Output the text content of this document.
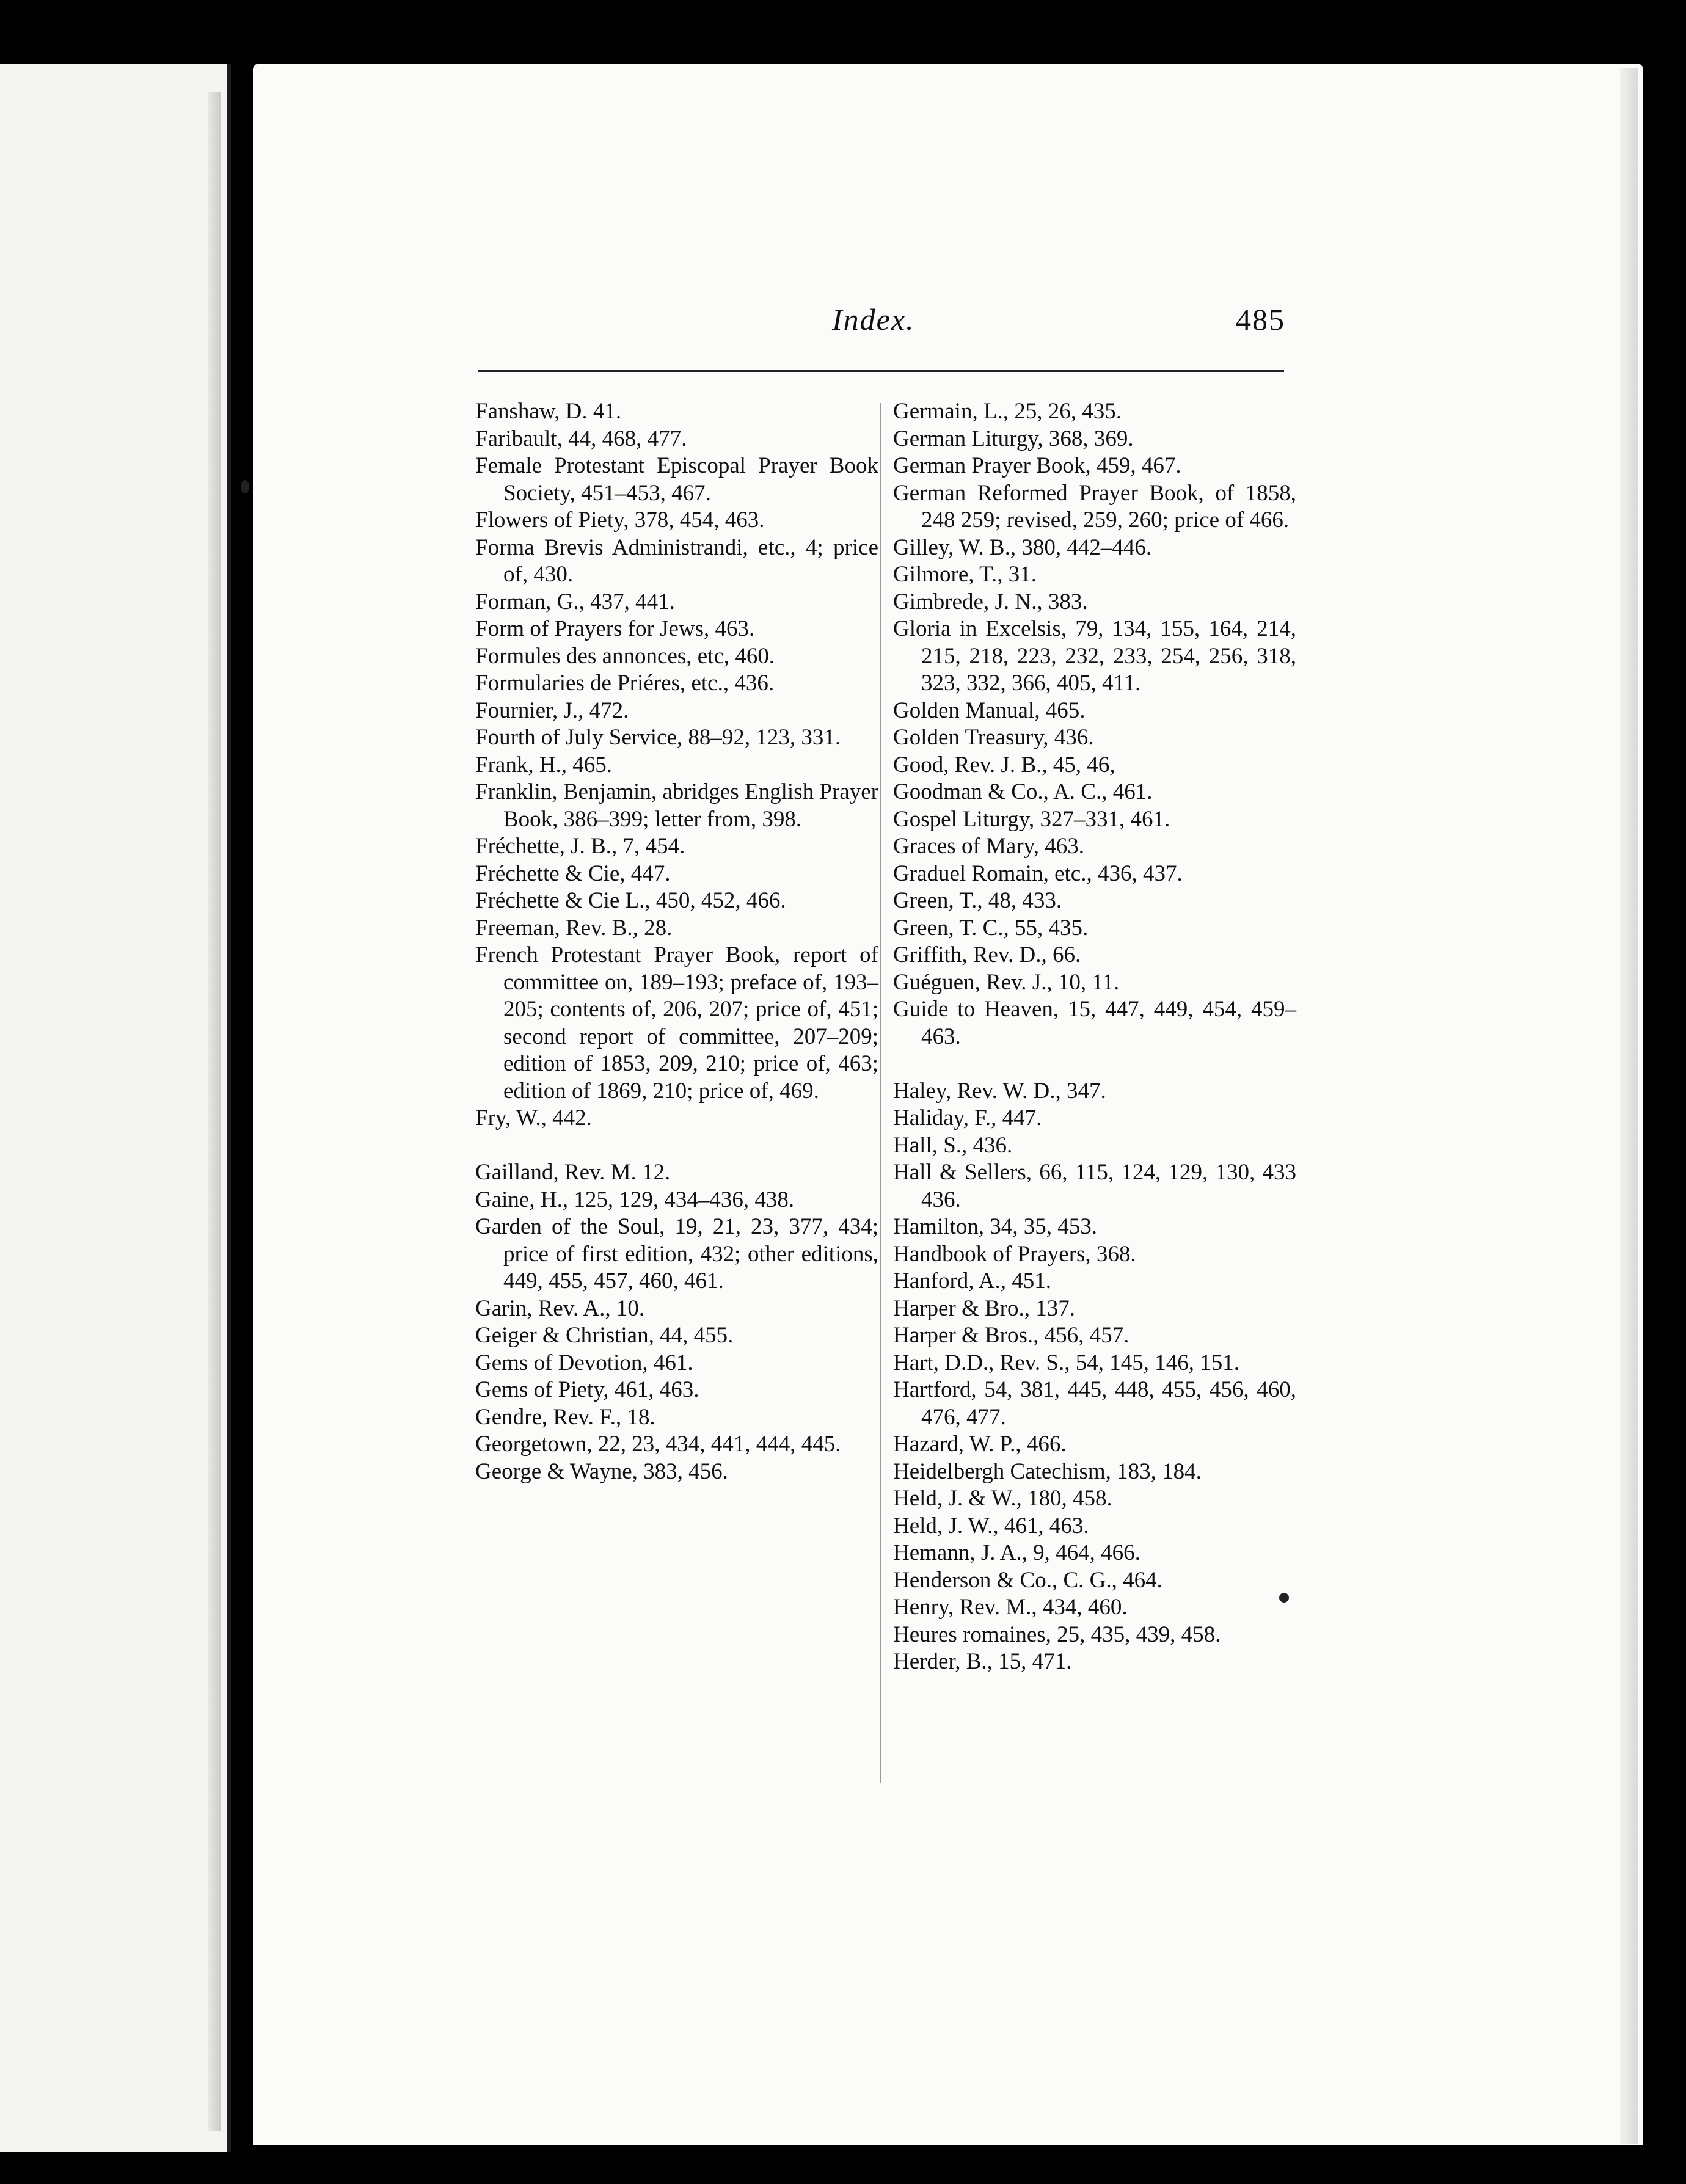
Index.	485
Fanshaw, D. 41.
Faribault, 44, 468, 477.
Female Protestant Episcopal Prayer Book Society, 451–453, 467.
Flowers of Piety, 378, 454, 463.
Forma Brevis Administrandi, etc., 4; price of, 430.
Forman, G., 437, 441.
Form of Prayers for Jews, 463.
Formules des annonces, etc, 460.
Formularies de Priéres, etc., 436.
Fournier, J., 472.
Fourth of July Service, 88–92, 123, 331.
Frank, H., 465.
Franklin, Benjamin, abridges English Prayer Book, 386–399; letter from, 398.
Fréchette, J. B., 7, 454.
Fréchette & Cie, 447.
Fréchette & Cie L., 450, 452, 466.
Freeman, Rev. B., 28.
French Protestant Prayer Book, report of committee on, 189–193; preface of, 193–205; contents of, 206, 207; price of, 451; second report of committee, 207–209; edition of 1853, 209, 210; price of, 463; edition of 1869, 210; price of, 469.
Fry, W., 442.
Gailland, Rev. M. 12.
Gaine, H., 125, 129, 434–436, 438.
Garden of the Soul, 19, 21, 23, 377, 434; price of first edition, 432; other editions, 449, 455, 457, 460, 461.
Garin, Rev. A., 10.
Geiger & Christian, 44, 455.
Gems of Devotion, 461.
Gems of Piety, 461, 463.
Gendre, Rev. F., 18.
Georgetown, 22, 23, 434, 441, 444, 445.
George & Wayne, 383, 456.
Germain, L., 25, 26, 435.
German Liturgy, 368, 369.
German Prayer Book, 459, 467.
German Reformed Prayer Book, of 1858, 248 259; revised, 259, 260; price of 466.
Gilley, W. B., 380, 442–446.
Gilmore, T., 31.
Gimbrede, J. N., 383.
Gloria in Excelsis, 79, 134, 155, 164, 214, 215, 218, 223, 232, 233, 254, 256, 318, 323, 332, 366, 405, 411.
Golden Manual, 465.
Golden Treasury, 436.
Good, Rev. J. B., 45, 46,
Goodman & Co., A. C., 461.
Gospel Liturgy, 327–331, 461.
Graces of Mary, 463.
Graduel Romain, etc., 436, 437.
Green, T., 48, 433.
Green, T. C., 55, 435.
Griffith, Rev. D., 66.
Guéguen, Rev. J., 10, 11.
Guide to Heaven, 15, 447, 449, 454, 459–463.
Haley, Rev. W. D., 347.
Haliday, F., 447.
Hall, S., 436.
Hall & Sellers, 66, 115, 124, 129, 130, 433 436.
Hamilton, 34, 35, 453.
Handbook of Prayers, 368.
Hanford, A., 451.
Harper & Bro., 137.
Harper & Bros., 456, 457.
Hart, D.D., Rev. S., 54, 145, 146, 151.
Hartford, 54, 381, 445, 448, 455, 456, 460, 476, 477.
Hazard, W. P., 466.
Heidelbergh Catechism, 183, 184.
Held, J. & W., 180, 458.
Held, J. W., 461, 463.
Hemann, J. A., 9, 464, 466.
Henderson & Co., C. G., 464.
Henry, Rev. M., 434, 460.
Heures romaines, 25, 435, 439, 458.
Herder, B., 15, 471.
